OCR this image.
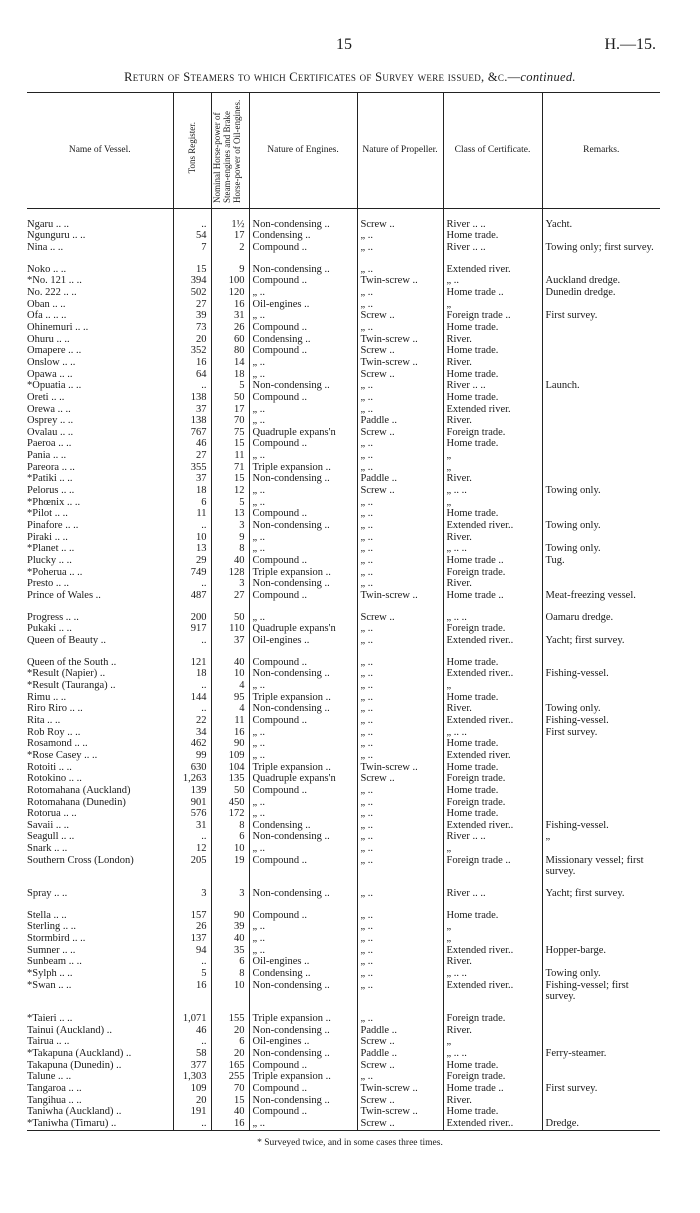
15	H.—15.
Return of Steamers to which Certificates of Survey were issued, &c.—continued.
Name of Vessel.	Tons Register.	Nominal Horse-power of Steam-engines and Brake Horse-power of Oil-engines.	Nature of Engines.	Nature of Propeller.	Class of Certificate.	Remarks.

Ngaru .. ..	..	1½	Non-condensing ..	Screw ..	River .. ..	Yacht.
Ngunguru .. ..	54	17	Condensing ..	„ ..	Home trade.	
Nina .. ..	7	2	Compound ..	„ ..	River .. ..	Towing only; first survey.

Noko .. ..	15	9	Non-condensing ..	„ ..	Extended river.	
*No. 121 .. ..	394	100	Compound ..	Twin-screw ..	„ ..	Auckland dredge.
No. 222 .. ..	502	120	„ ..	„ ..	Home trade ..	Dunedin dredge.
Oban .. ..	27	16	Oil-engines ..	„ ..	„	
Ofa .. .. ..	39	31	„ ..	Screw ..	Foreign trade ..	First survey.
Ohinemuri .. ..	73	26	Compound ..	„ ..	Home trade.	
Ohuru .. ..	20	60	Condensing ..	Twin-screw ..	River.	
Omapere .. ..	352	80	Compound ..	Screw ..	Home trade.	
Onslow .. ..	16	14	„ ..	Twin-screw ..	River.	
Opawa .. ..	64	18	„ ..	Screw ..	Home trade.	
*Opuatia .. ..	..	5	Non-condensing ..	„ ..	River .. ..	Launch.
Oreti .. ..	138	50	Compound ..	„ ..	Home trade.	
Orewa .. ..	37	17	„ ..	„ ..	Extended river.	
Osprey .. ..	138	70	„ ..	Paddle ..	River.	
Ovalau .. ..	767	75	Quadruple expans'n	Screw ..	Foreign trade.	
Paeroa .. ..	46	15	Compound ..	„ ..	Home trade.	
Pania .. ..	27	11	„ ..	„ ..	„	
Pareora .. ..	355	71	Triple expansion ..	„ ..	„	
*Patiki .. ..	37	15	Non-condensing ..	Paddle ..	River.	
Pelorus .. ..	18	12	„ ..	Screw ..	„ .. ..	Towing only.
*Phœnix .. ..	6	5	„ ..	„ ..	„	
*Pilot .. ..	11	13	Compound ..	„ ..	Home trade.	
Pinafore .. ..	..	3	Non-condensing ..	„ ..	Extended river..	Towing only.
Piraki .. ..	10	9	„ ..	„ ..	River.	
*Planet .. ..	13	8	„ ..	„ ..	„ .. ..	Towing only.
Plucky .. ..	29	40	Compound ..	„ ..	Home trade ..	Tug.
*Poherua .. ..	749	128	Triple expansion ..	„ ..	Foreign trade.	
Presto .. ..	..	3	Non-condensing ..	„ ..	River.	
Prince of Wales ..	487	27	Compound ..	Twin-screw ..	Home trade ..	Meat-freezing vessel.

Progress .. ..	200	50	„ ..	Screw ..	„ .. ..	Oamaru dredge.
Pukaki .. ..	917	110	Quadruple expans'n	„ ..	Foreign trade.	
Queen of Beauty ..	..	37	Oil-engines ..	„ ..	Extended river..	Yacht; first survey.

Queen of the South ..	121	40	Compound ..	„ ..	Home trade.	
*Result (Napier) ..	18	10	Non-condensing ..	„ ..	Extended river..	Fishing-vessel.
*Result (Tauranga) ..	..	4	„ ..	„ ..	„	
Rimu .. ..	144	95	Triple expansion ..	„ ..	Home trade.	
Riro Riro .. ..	..	4	Non-condensing ..	„ ..	River.	Towing only.
Rita .. ..	22	11	Compound ..	„ ..	Extended river..	Fishing-vessel.
Rob Roy .. ..	34	16	„ ..	„ ..	„ .. ..	First survey.
Rosamond .. ..	462	90	„ ..	„ ..	Home trade.	
*Rose Casey .. ..	99	109	„ ..	„ ..	Extended river.	
Rotoiti .. ..	630	104	Triple expansion ..	Twin-screw ..	Home trade.	
Rotokino .. ..	1,263	135	Quadruple expans'n	Screw ..	Foreign trade.	
Rotomahana (Auckland)	139	50	Compound ..	„ ..	Home trade.	
Rotomahana (Dunedin)	901	450	„ ..	„ ..	Foreign trade.	
Rotorua .. ..	576	172	„ ..	„ ..	Home trade.	
Savaii .. ..	31	8	Condensing ..	„ ..	Extended river..	Fishing-vessel.
Seagull .. ..	..	6	Non-condensing ..	„ ..	River .. ..	„
Snark .. ..	12	10	„ ..	„ ..	„	
Southern Cross (London)	205	19	Compound ..	„ ..	Foreign trade ..	Missionary vessel; first survey.

Spray .. ..	3	3	Non-condensing ..	„ ..	River .. ..	Yacht; first survey.

Stella .. ..	157	90	Compound ..	„ ..	Home trade.	
Sterling .. ..	26	39	„ ..	„ ..	„	
Stormbird .. ..	137	40	„ ..	„ ..	„	
Sumner .. ..	94	35	„ ..	„ ..	Extended river..	Hopper-barge.
Sunbeam .. ..	..	6	Oil-engines ..	„ ..	River.	
*Sylph .. ..	5	8	Condensing ..	„ ..	„ .. ..	Towing only.
*Swan .. ..	16	10	Non-condensing ..	„ ..	Extended river..	Fishing-vessel; first survey.

*Taieri .. ..	1,071	155	Triple expansion ..	„ ..	Foreign trade.	
Tainui (Auckland) ..	46	20	Non-condensing ..	Paddle ..	River.	
Tairua .. ..	..	6	Oil-engines ..	Screw ..	„	
*Takapuna (Auckland) ..	58	20	Non-condensing ..	Paddle ..	„ .. ..	Ferry-steamer.
Takapuna (Dunedin) ..	377	165	Compound ..	Screw ..	Home trade.	
Talune .. ..	1,303	255	Triple expansion ..	„ ..	Foreign trade.	
Tangaroa .. ..	109	70	Compound ..	Twin-screw ..	Home trade ..	First survey.
Tangihua .. ..	20	15	Non-condensing ..	Screw ..	River.	
Taniwha (Auckland) ..	191	40	Compound ..	Twin-screw ..	Home trade.	
*Taniwha (Timaru) ..	..	16	„ ..	Screw ..	Extended river..	Dredge.
* Surveyed twice, and in some cases three times.
